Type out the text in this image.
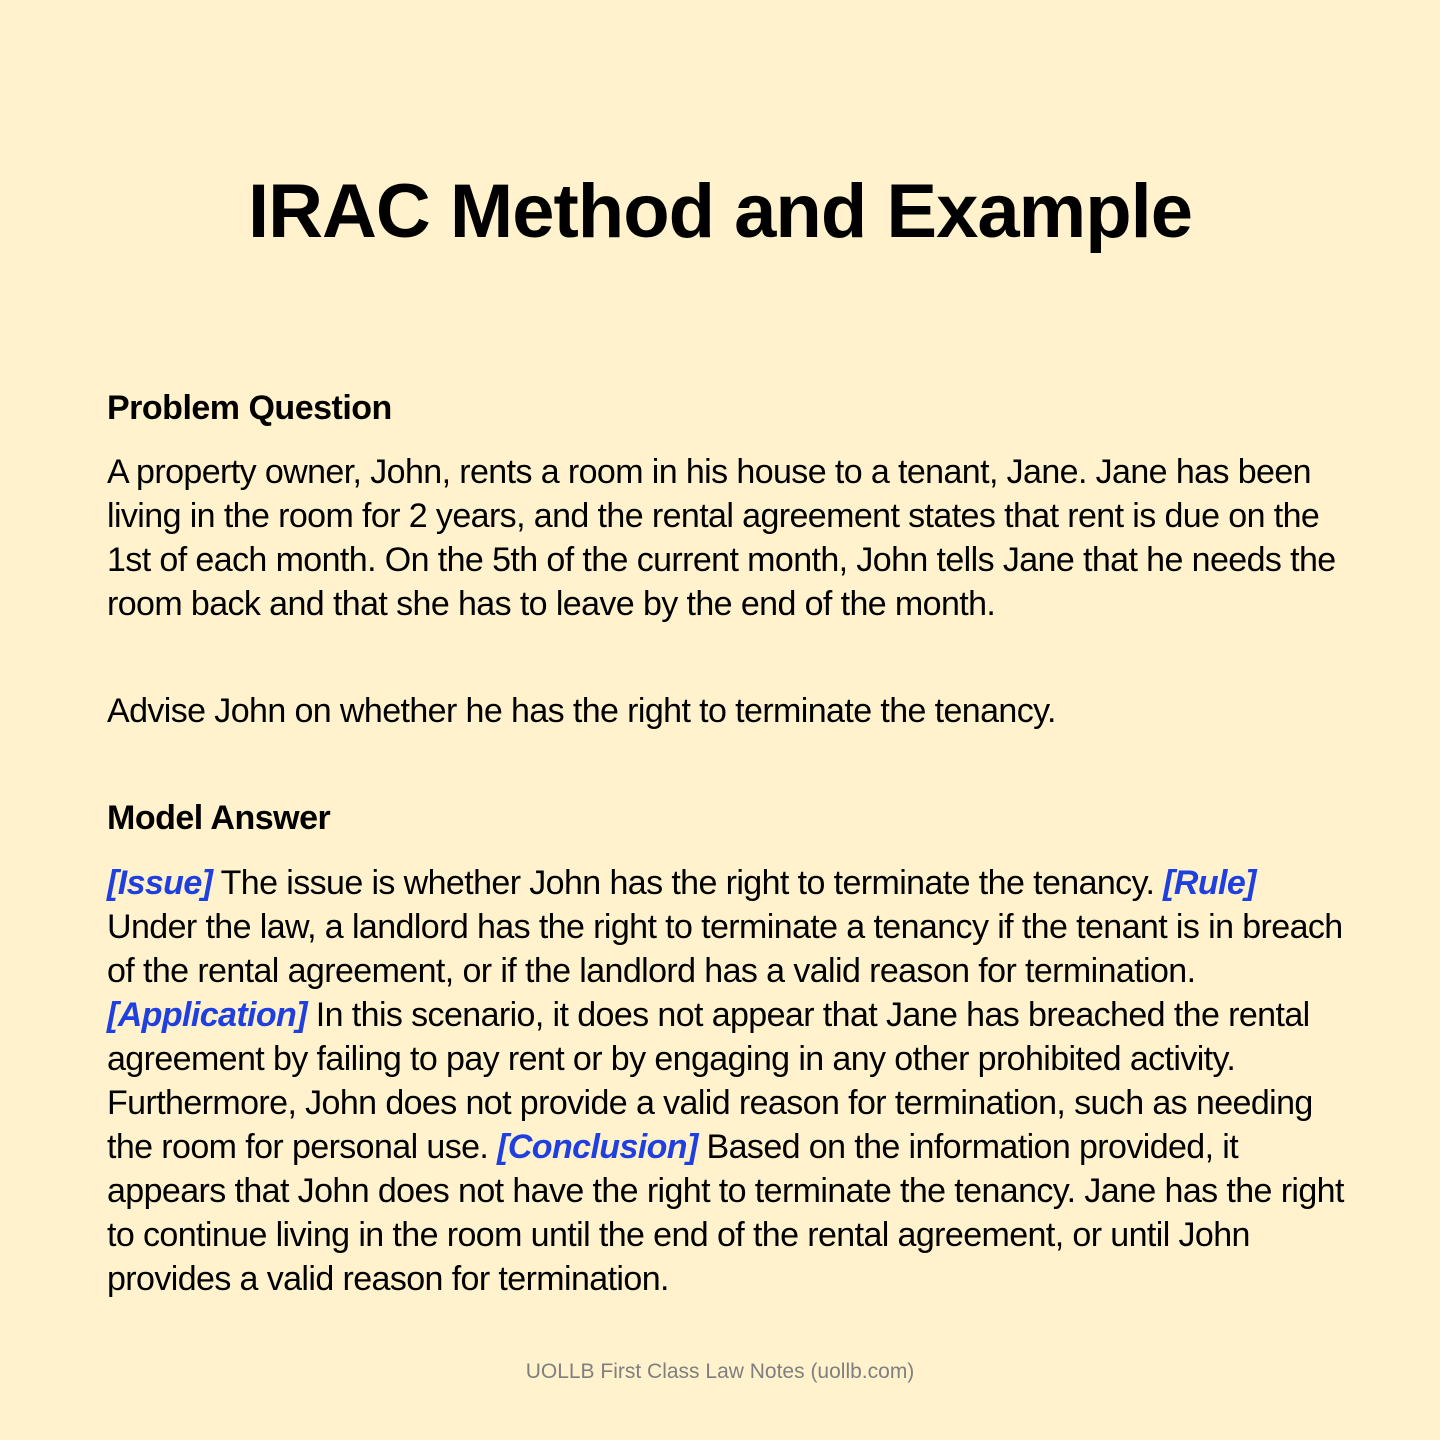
IRAC Method and Example
Problem Question

A property owner, John, rents a room in his house to a tenant, Jane. Jane has been living in the room for 2 years, and the rental agreement states that rent is due on the 1st of each month. On the 5th of the current month, John tells Jane that he needs the room back and that she has to leave by the end of the month.

Advise John on whether he has the right to terminate the tenancy.

Model Answer

[Issue] The issue is whether John has the right to terminate the tenancy. [Rule] Under the law, a landlord has the right to terminate a tenancy if the tenant is in breach of the rental agreement, or if the landlord has a valid reason for termination. [Application] In this scenario, it does not appear that Jane has breached the rental agreement by failing to pay rent or by engaging in any other prohibited activity. Furthermore, John does not provide a valid reason for termination, such as needing the room for personal use. [Conclusion] Based on the information provided, it appears that John does not have the right to terminate the tenancy. Jane has the right to continue living in the room until the end of the rental agreement, or until John provides a valid reason for termination.

UOLLB First Class Law Notes (uollb.com)
